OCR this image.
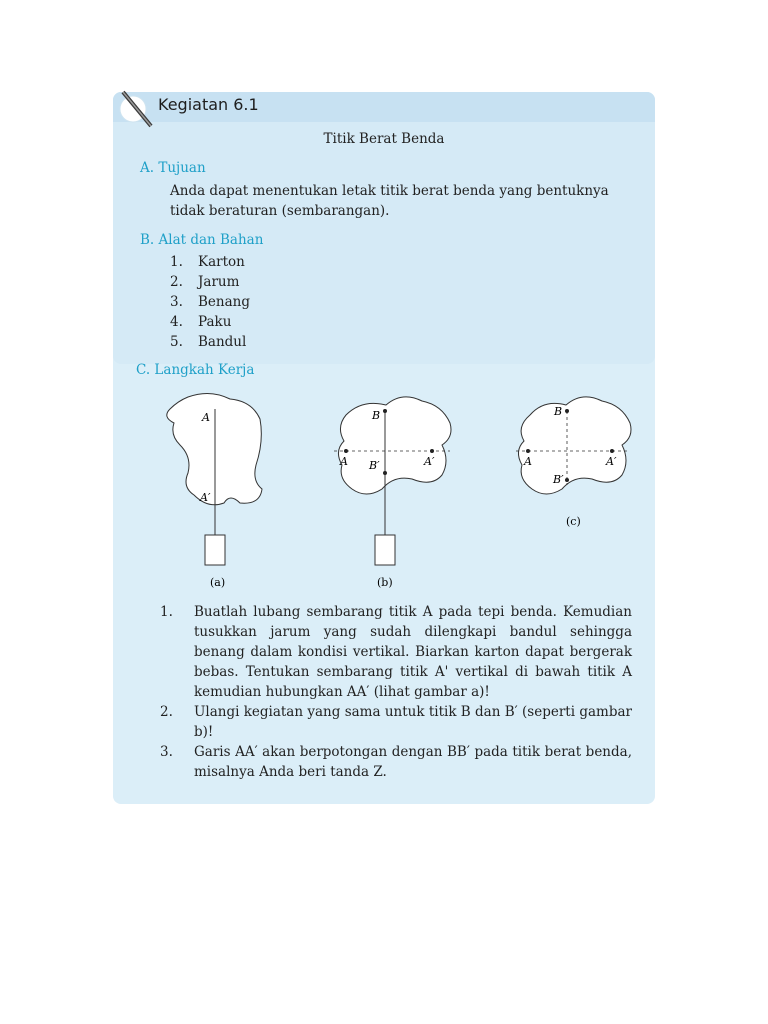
Kegiatan 6.1
Titik Berat Benda
A. Tujuan
Anda dapat menentukan letak titik berat benda yang bentuknya tidak beraturan (sembarangan).
B. Alat dan Bahan
1.	Karton
2.	Jarum
3.	Benang
4.	Paku
5.	Bandul
C. Langkah Kerja
A
A′
(a)
B
A	A′
B′
(b)
B
A	A′
B′
(c)
1.	Buatlah lubang sembarang titik A pada tepi benda. Kemudian tusukkan jarum yang sudah dilengkapi bandul sehingga benang dalam kondisi vertikal. Biarkan karton dapat bergerak bebas. Tentukan sembarang titik A' vertikal di bawah titik A kemudian hubungkan AA′ (lihat gambar a)!
2.	Ulangi kegiatan yang sama untuk titik B dan B′ (seperti gambar b)!
3.	Garis AA′ akan berpotongan dengan BB′ pada titik berat benda, misalnya Anda beri tanda Z.
